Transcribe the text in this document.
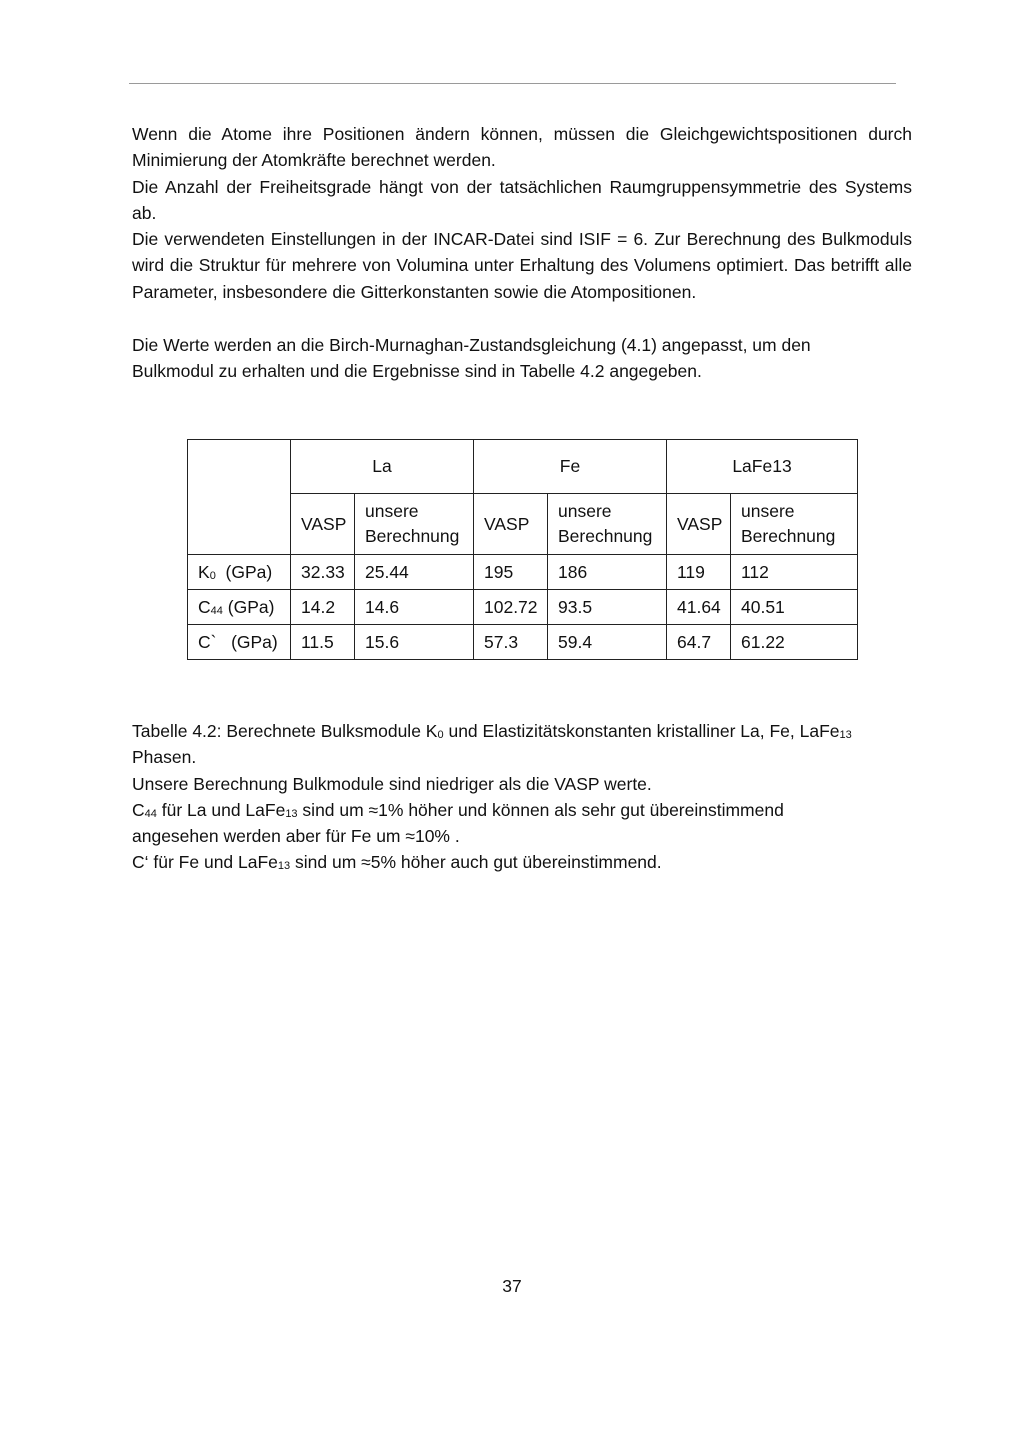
Wenn die Atome ihre Positionen ändern können, müssen die Gleichgewichtspositionen durch Minimierung der Atomkräfte berechnet werden.

Die Anzahl der Freiheitsgrade hängt von der tatsächlichen Raumgruppensymmetrie des Systems ab.

Die verwendeten Einstellungen in der INCAR-Datei sind ISIF = 6. Zur Berechnung des Bulkmoduls wird die Struktur für mehrere von Volumina unter Erhaltung des Volumens optimiert. Das betrifft alle Parameter, insbesondere die Gitterkonstanten sowie die Atompositionen.

Die Werte werden an die Birch-Murnaghan-Zustandsgleichung (4.1) angepasst, um den
Bulkmodul zu erhalten und die Ergebnisse sind in Tabelle 4.2 angegeben.
	La		Fe		LaFe13	
	VASP	unsere Berechnung	VASP	unsere Berechnung	VASP	unsere Berechnung
$K_0$ (GPa)	32.33	25.44	195	186	119	112
$C_{44}$ (GPa)	14.2	14.6	102.72	93.5	41.64	40.51
C` (GPa)	11.5	15.6	57.3	59.4	64.7	61.22
Tabelle 4.2: Berechnete Bulksmodule $K_0$ und Elastizitätskonstanten kristalliner La, Fe, LaFe$_{13}$
Phasen.
Unsere Berechnung Bulkmodule sind niedriger als die VASP werte.
$C_{44}$ für La und LaFe$_{13}$ sind um ≈1% höher und können als sehr gut übereinstimmend
angesehen werden aber für Fe um ≈10% .
C‘ für Fe und LaFe$_{13}$ sind um ≈5% höher auch gut übereinstimmend.
37
